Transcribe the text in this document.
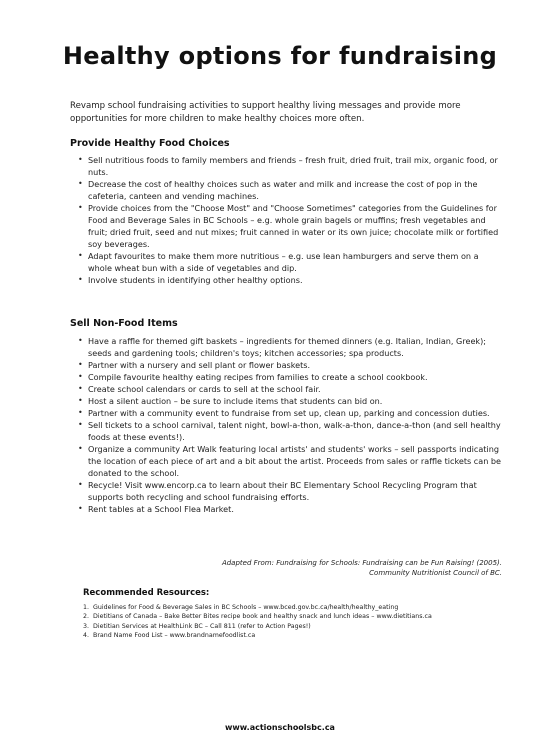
Healthy options for fundraising

Revamp school fundraising activities to support healthy living messages and provide more opportunities for more children to make healthy choices more often.

Provide Healthy Food Choices
• Sell nutritious foods to family members and friends – fresh fruit, dried fruit, trail mix, organic food, or nuts.
• Decrease the cost of healthy choices such as water and milk and increase the cost of pop in the cafeteria, canteen and vending machines.
• Provide choices from the "Choose Most" and "Choose Sometimes" categories from the Guidelines for Food and Beverage Sales in BC Schools – e.g. whole grain bagels or muffins; fresh vegetables and fruit; dried fruit, seed and nut mixes; fruit canned in water or its own juice; chocolate milk or fortified soy beverages.
• Adapt favourites to make them more nutritious – e.g. use lean hamburgers and serve them on a whole wheat bun with a side of vegetables and dip.
• Involve students in identifying other healthy options.
Sell Non-Food Items
• Have a raffle for themed gift baskets – ingredients for themed dinners (e.g. Italian, Indian, Greek); seeds and gardening tools; children's toys; kitchen accessories; spa products.
• Partner with a nursery and sell plant or flower baskets.
• Compile favourite healthy eating recipes from families to create a school cookbook.
• Create school calendars or cards to sell at the school fair.
• Host a silent auction – be sure to include items that students can bid on.
• Partner with a community event to fundraise from set up, clean up, parking and concession duties.
• Sell tickets to a school carnival, talent night, bowl-a-thon, walk-a-thon, dance-a-thon (and sell healthy foods at these events!).
• Organize a community Art Walk featuring local artists' and students' works – sell passports indicating the location of each piece of art and a bit about the artist. Proceeds from sales or raffle tickets can be donated to the school.
• Recycle! Visit www.encorp.ca to learn about their BC Elementary School Recycling Program that supports both recycling and school fundraising efforts.
• Rent tables at a School Flea Market.
Adapted From: Fundraising for Schools: Fundraising can be Fun Raising! (2005).
Community Nutritionist Council of BC.
Recommended Resources:
1. Guidelines for Food & Beverage Sales in BC Schools – www.bced.gov.bc.ca/health/healthy_eating
2. Dietitians of Canada – Bake Better Bites recipe book and healthy snack and lunch ideas – www.dietitians.ca
3. Dietitian Services at HealthLink BC – Call 811 (refer to Action Pages!)
4. Brand Name Food List – www.brandnamefoodlist.ca
www.actionschoolsbc.ca
